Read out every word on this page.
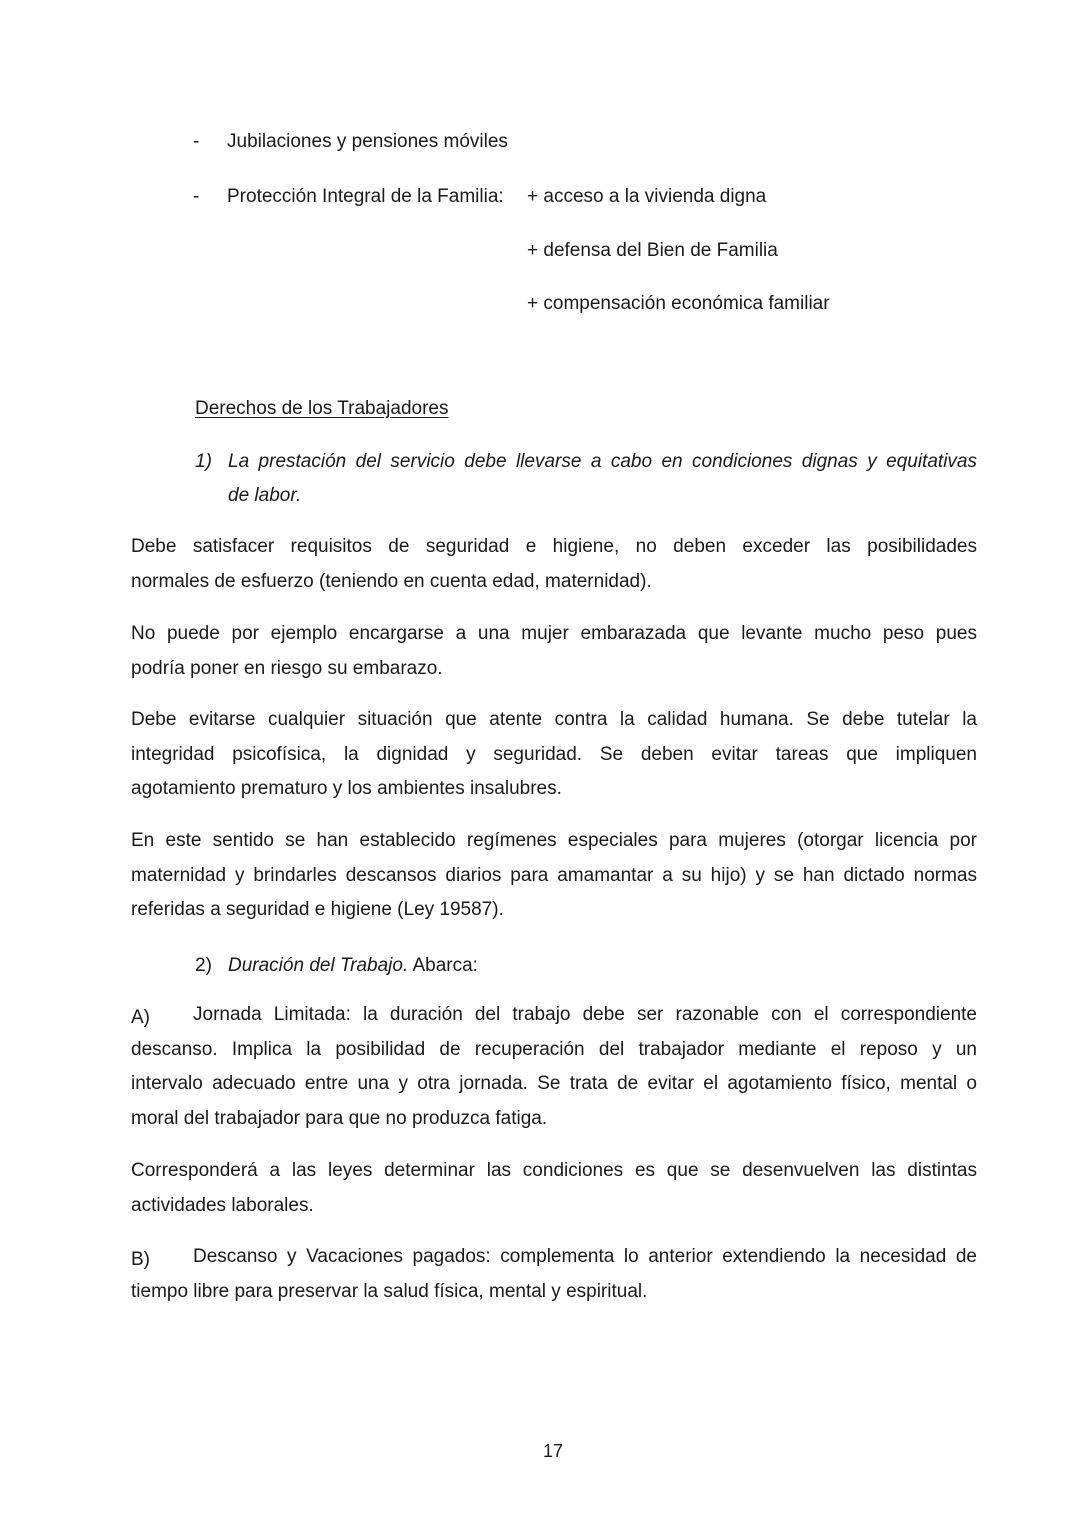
- Jubilaciones y pensiones móviles
- Protección Integral de la Familia: + acceso a la vivienda digna
+ defensa del Bien de Familia
+ compensación económica familiar
Derechos de los Trabajadores
1) La prestación del servicio debe llevarse a cabo en condiciones dignas y equitativas
de labor.
Debe satisfacer requisitos de seguridad e higiene, no deben exceder las posibilidades
normales de esfuerzo (teniendo en cuenta edad, maternidad).
No puede por ejemplo encargarse a una mujer embarazada que levante mucho peso pues
podría poner en riesgo su embarazo.
Debe evitarse cualquier situación que atente contra la calidad humana. Se debe tutelar la
integridad psicofísica, la dignidad y seguridad. Se deben evitar tareas que impliquen
agotamiento prematuro y los ambientes insalubres.
En este sentido se han establecido regímenes especiales para mujeres (otorgar licencia por
maternidad y brindarles descansos diarios para amamantar a su hijo) y se han dictado normas
referidas a seguridad e higiene (Ley 19587).
2) Duración del Trabajo. Abarca:
A)	Jornada Limitada: la duración del trabajo debe ser razonable con el correspondiente
descanso. Implica la posibilidad de recuperación del trabajador mediante el reposo y un
intervalo adecuado entre una y otra jornada. Se trata de evitar el agotamiento físico, mental o
moral del trabajador para que no produzca fatiga.
Corresponderá a las leyes determinar las condiciones es que se desenvuelven las distintas
actividades laborales.
B)	Descanso y Vacaciones pagados: complementa lo anterior extendiendo la necesidad de
tiempo libre para preservar la salud física, mental y espiritual.
17
